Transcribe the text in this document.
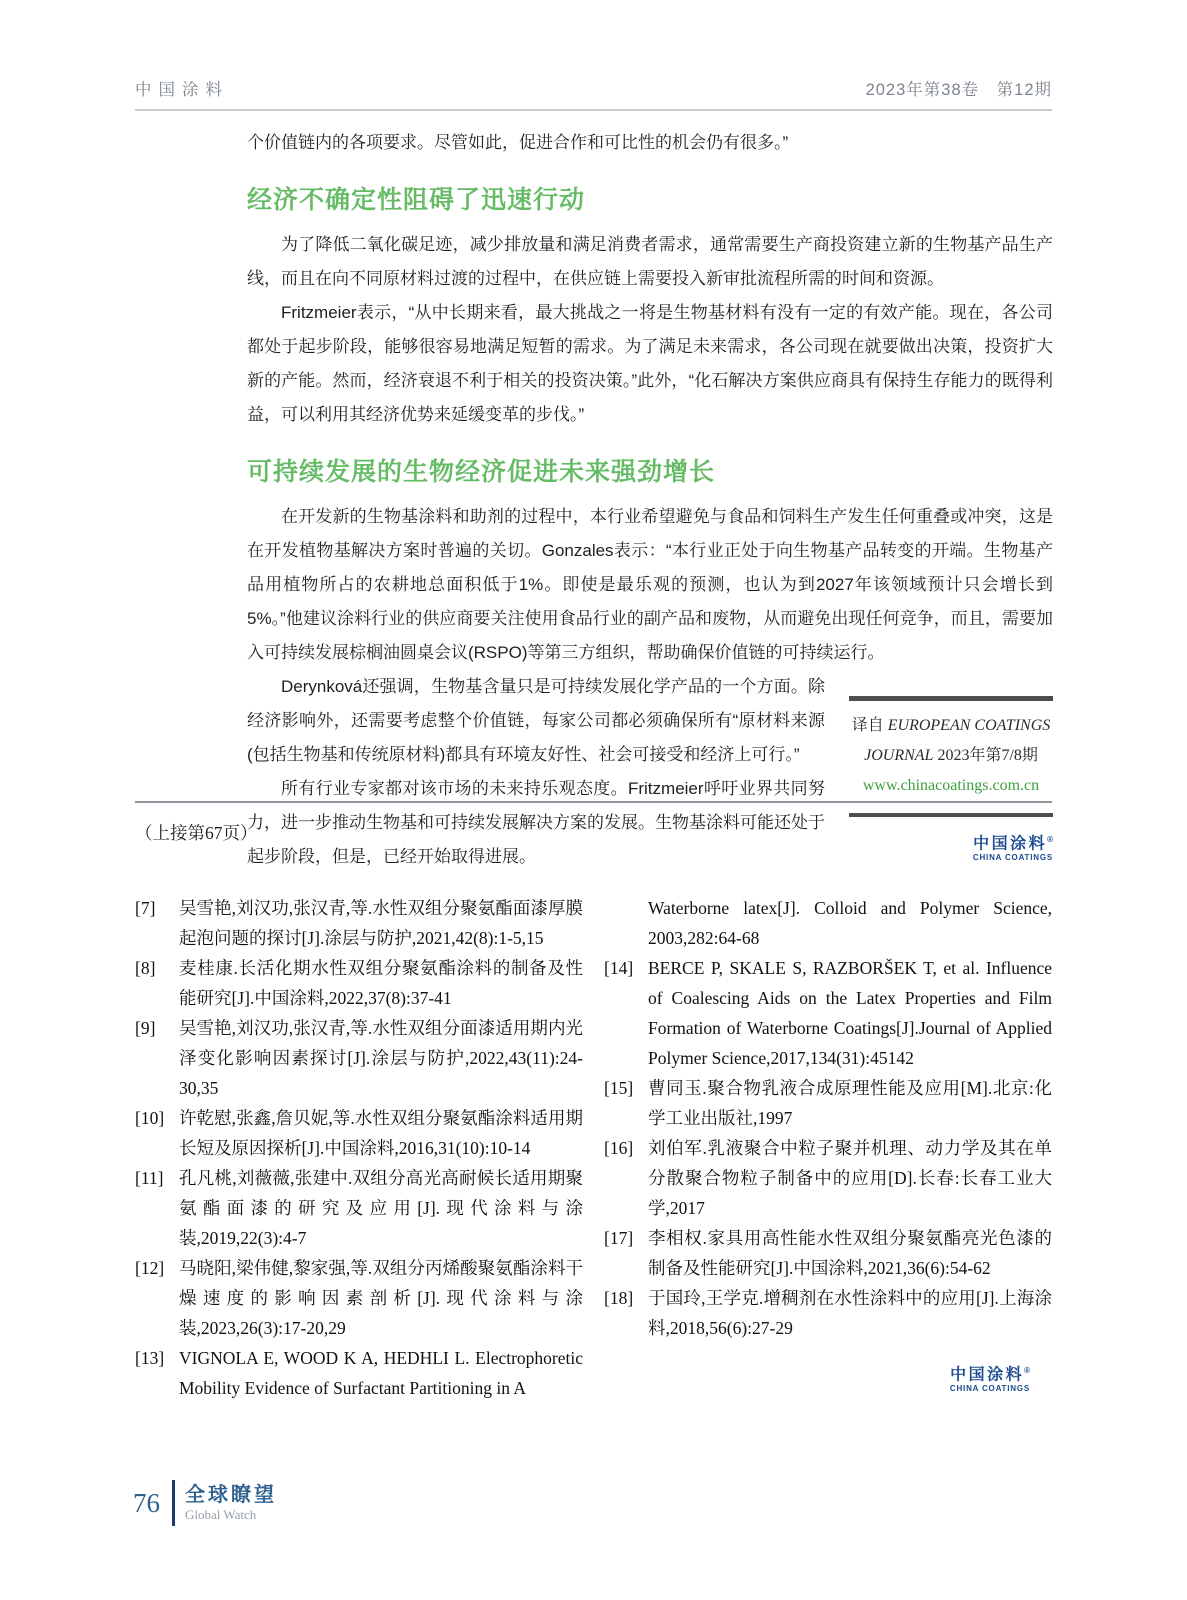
中国涂料	2023年第38卷　第12期

个价值链内的各项要求。尽管如此，促进合作和可比性的机会仍有很多。”

经济不确定性阻碍了迅速行动

为了降低二氧化碳足迹，减少排放量和满足消费者需求，通常需要生产商投资建立新的生物基产品生产线，而且在向不同原材料过渡的过程中，在供应链上需要投入新审批流程所需的时间和资源。

Fritzmeier表示，“从中长期来看，最大挑战之一将是生物基材料有没有一定的有效产能。现在，各公司都处于起步阶段，能够很容易地满足短暂的需求。为了满足未来需求，各公司现在就要做出决策，投资扩大新的产能。然而，经济衰退不利于相关的投资决策。”此外，“化石解决方案供应商具有保持生存能力的既得利益，可以利用其经济优势来延缓变革的步伐。”

可持续发展的生物经济促进未来强劲增长

在开发新的生物基涂料和助剂的过程中，本行业希望避免与食品和饲料生产发生任何重叠或冲突，这是在开发植物基解决方案时普遍的关切。Gonzales表示：“本行业正处于向生物基产品转变的开端。生物基产品用植物所占的农耕地总面积低于1%。即使是最乐观的预测，也认为到2027年该领域预计只会增长到5%。”他建议涂料行业的供应商要关注使用食品行业的副产品和废物，从而避免出现任何竞争，而且，需要加入可持续发展棕榈油圆桌会议(RSPO)等第三方组织，帮助确保价值链的可持续运行。

Derynková还强调，生物基含量只是可持续发展化学产品的一个方面。除经济影响外，还需要考虑整个价值链，每家公司都必须确保所有“原材料来源(包括生物基和传统原材料)都具有环境友好性、社会可接受和经济上可行。”

所有行业专家都对该市场的未来持乐观态度。Fritzmeier呼吁业界共同努力，进一步推动生物基和可持续发展解决方案的发展。生物基涂料可能还处于起步阶段，但是，已经开始取得进展。

译自 EUROPEAN COATINGS JOURNAL 2023年第7/8期 www.chinacoatings.com.cn
中国涂料®
CHINA COATINGS
（上接第67页）
[7]	吴雪艳,刘汉功,张汉青,等.水性双组分聚氨酯面漆厚膜起泡问题的探讨[J].涂层与防护,2021,42(8):1-5,15
[8]	麦桂康.长活化期水性双组分聚氨酯涂料的制备及性能研究[J].中国涂料,2022,37(8):37-41
[9]	吴雪艳,刘汉功,张汉青,等.水性双组分面漆适用期内光泽变化影响因素探讨[J].涂层与防护,2022,43(11):24-30,35
[10] 许乾慰,张鑫,詹贝妮,等.水性双组分聚氨酯涂料适用期长短及原因探析[J].中国涂料,2016,31(10):10-14
[11] 孔凡桃,刘薇薇,张建中.双组分高光高耐候长适用期聚氨酯面漆的研究及应用[J].现代涂料与涂装,2019,22(3):4-7
[12] 马晓阳,梁伟健,黎家强,等.双组分丙烯酸聚氨酯涂料干燥速度的影响因素剖析[J].现代涂料与涂装,2023,26(3):17-20,29
[13] VIGNOLA E, WOOD K A, HEDHLI L. Electrophoretic Mobility Evidence of Surfactant Partitioning in A
Waterborne latex[J]. Colloid and Polymer Science, 2003,282:64-68
[14] BERCE P, SKALE S, RAZBORŠEK T, et al. Influence of Coalescing Aids on the Latex Properties and Film Formation of Waterborne Coatings[J].Journal of Applied Polymer Science,2017,134(31):45142
[15] 曹同玉.聚合物乳液合成原理性能及应用[M].北京:化学工业出版社,1997
[16] 刘伯军.乳液聚合中粒子聚并机理、动力学及其在单分散聚合物粒子制备中的应用[D].长春:长春工业大学,2017
[17] 李相权.家具用高性能水性双组分聚氨酯亮光色漆的制备及性能研究[J].中国涂料,2021,36(6):54-62
[18] 于国玲,王学克.增稠剂在水性涂料中的应用[J].上海涂料,2018,56(6):27-29
中国涂料®
CHINA COATINGS
76 全球瞭望
Global Watch
